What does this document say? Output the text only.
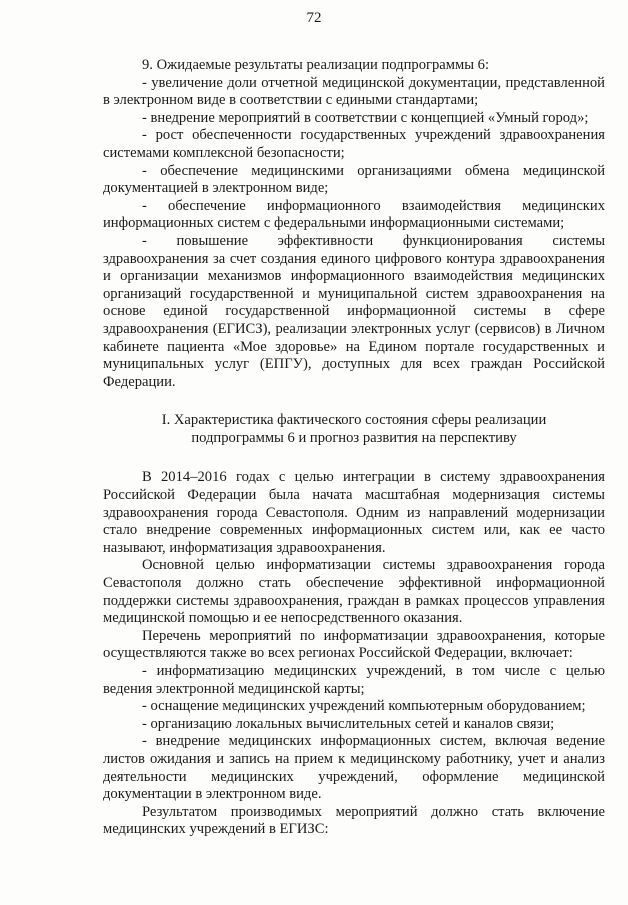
72

9. Ожидаемые результаты реализации подпрограммы 6:

- увеличение доли отчетной медицинской документации, представленной в электронном виде в соответствии с едиными стандартами;

- внедрение мероприятий в соответствии с концепцией «Умный город»;

- рост обеспеченности государственных учреждений здравоохранения системами комплексной безопасности;

- обеспечение медицинскими организациями обмена медицинской документацией в электронном виде;

- обеспечение информационного взаимодействия медицинских информационных систем с федеральными информационными системами;

- повышение эффективности функционирования системы здравоохранения за счет создания единого цифрового контура здравоохранения и организации механизмов информационного взаимодействия медицинских организаций государственной и муниципальной систем здравоохранения на основе единой государственной информационной системы в сфере здравоохранения (ЕГИСЗ), реализации электронных услуг (сервисов) в Личном кабинете пациента «Мое здоровье» на Едином портале государственных и муниципальных услуг (ЕПГУ), доступных для всех граждан Российской Федерации.

I. Характеристика фактического состояния сферы реализации
подпрограммы 6 и прогноз развития на перспективу

В 2014–2016 годах с целью интеграции в систему здравоохранения Российской Федерации была начата масштабная модернизация системы здравоохранения города Севастополя. Одним из направлений модернизации стало внедрение современных информационных систем или, как ее часто называют, информатизация здравоохранения.

Основной целью информатизации системы здравоохранения города Севастополя должно стать обеспечение эффективной информационной поддержки системы здравоохранения, граждан в рамках процессов управления медицинской помощью и ее непосредственного оказания.

Перечень мероприятий по информатизации здравоохранения, которые осуществляются также во всех регионах Российской Федерации, включает:

- информатизацию медицинских учреждений, в том числе с целью ведения электронной медицинской карты;

- оснащение медицинских учреждений компьютерным оборудованием;

- организацию локальных вычислительных сетей и каналов связи;

- внедрение медицинских информационных систем, включая ведение листов ожидания и запись на прием к медицинскому работнику, учет и анализ деятельности медицинских учреждений, оформление медицинской документации в электронном виде.

Результатом производимых мероприятий должно стать включение медицинских учреждений в ЕГИЗС:
